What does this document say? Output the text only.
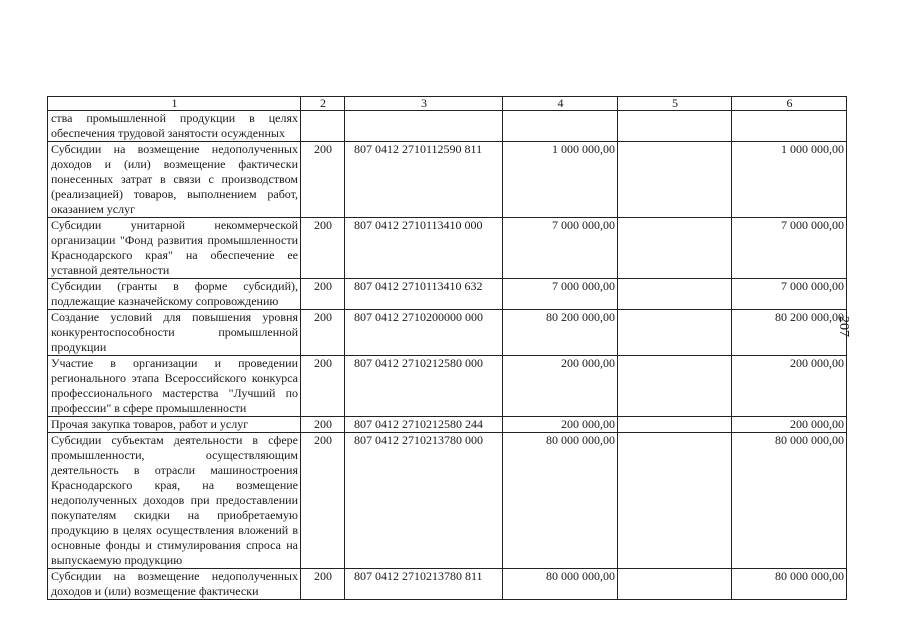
1	2	3	4	5	6
ства промышленной продукции в целях обеспечения трудовой занятости осужденных					
Субсидии на возмещение недополученных доходов и (или) возмещение фактически понесенных затрат в связи с производством (реализацией) товаров, выполнением работ, оказанием услуг	200	807 0412 2710112590 811	1 000 000,00		1 000 000,00
Субсидии унитарной некоммерческой организации "Фонд развития промышленности Краснодарского края" на обеспечение ее уставной деятельности	200	807 0412 2710113410 000	7 000 000,00		7 000 000,00
Субсидии (гранты в форме субсидий), подлежащие казначейскому сопровождению	200	807 0412 2710113410 632	7 000 000,00		7 000 000,00
Создание условий для повышения уровня конкурентоспособности промышленной продукции	200	807 0412 2710200000 000	80 200 000,00		80 200 000,00
Участие в организации и проведении регионального этапа Всероссийского конкурса профессионального мастерства "Лучший по профессии" в сфере промышленности	200	807 0412 2710212580 000	200 000,00		200 000,00
Прочая закупка товаров, работ и услуг	200	807 0412 2710212580 244	200 000,00		200 000,00
Субсидии субъектам деятельности в сфере промышленности, осуществляющим деятельность в отрасли машиностроения Краснодарского края, на возмещение недополученных доходов при предоставлении покупателям скидки на приобретаемую продукцию в целях осуществления вложений в основные фонды и стимулирования спроса на выпускаемую продукцию	200	807 0412 2710213780 000	80 000 000,00		80 000 000,00
Субсидии на возмещение недополученных доходов и (или) возмещение фактически	200	807 0412 2710213780 811	80 000 000,00		80 000 000,00
207
